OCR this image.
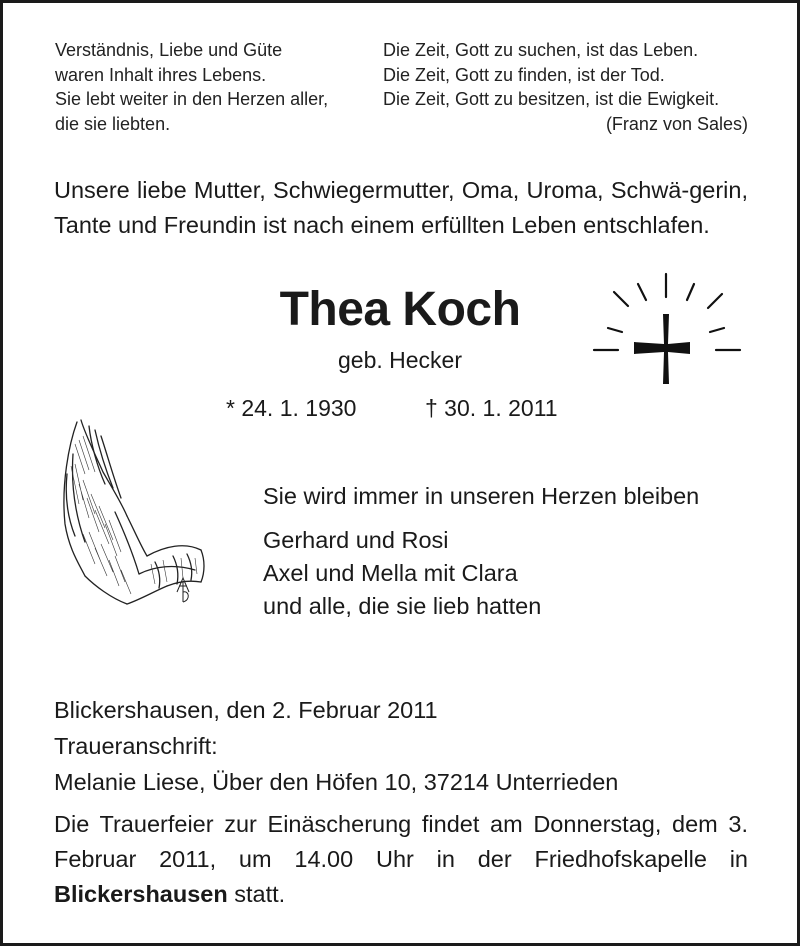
Verständnis, Liebe und Güte
waren Inhalt ihres Lebens.
Sie lebt weiter in den Herzen aller,
die sie liebten.
Die Zeit, Gott zu suchen, ist das Leben.
Die Zeit, Gott zu finden, ist der Tod.
Die Zeit, Gott zu besitzen, ist die Ewigkeit.
(Franz von Sales)
Unsere liebe Mutter, Schwiegermutter, Oma, Uroma, Schwä-gerin, Tante und Freundin ist nach einem erfüllten Leben entschlafen.
Thea Koch
geb. Hecker
* 24. 1. 1930	† 30. 1. 2011
Sie wird immer in unseren Herzen bleiben
Gerhard und Rosi
Axel und Mella mit Clara
und alle, die sie lieb hatten
Blickershausen, den 2. Februar 2011
Traueranschrift:
Melanie Liese, Über den Höfen 10, 37214 Unterrieden
Die Trauerfeier zur Einäscherung findet am Donnerstag, dem 3. Februar 2011, um 14.00 Uhr in der Friedhofskapelle in Blickershausen statt.
